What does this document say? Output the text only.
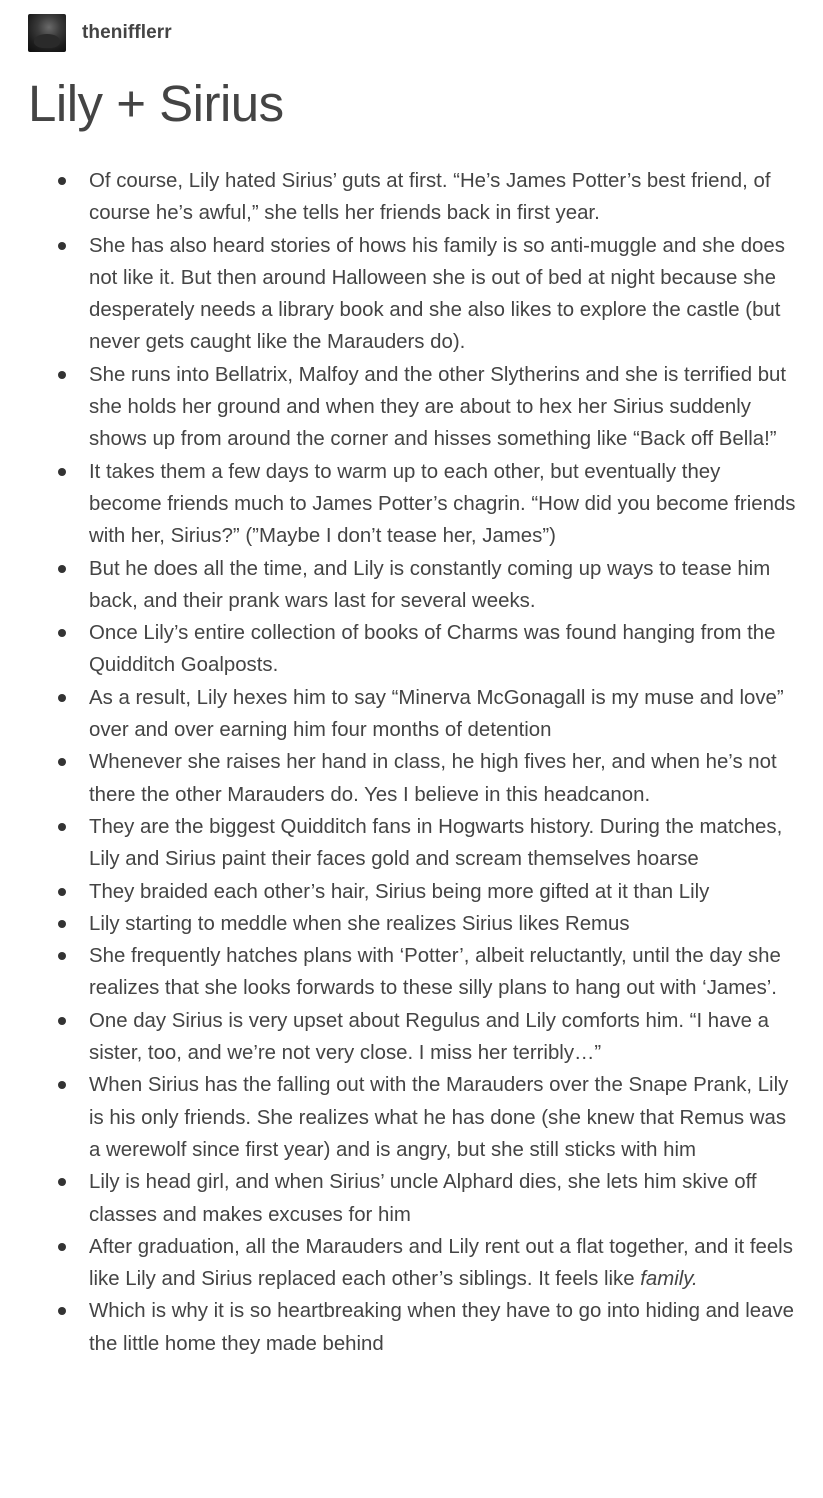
thenifflerr
Lily + Sirius
Of course, Lily hated Sirius’ guts at first. “He’s James Potter’s best friend, of course he’s awful,” she tells her friends back in first year.
She has also heard stories of hows his family is so anti-muggle and she does not like it. But then around Halloween she is out of bed at night because she desperately needs a library book and she also likes to explore the castle (but never gets caught like the Marauders do).
She runs into Bellatrix, Malfoy and the other Slytherins and she is terrified but she holds her ground and when they are about to hex her Sirius suddenly shows up from around the corner and hisses something like “Back off Bella!”
It takes them a few days to warm up to each other, but eventually they become friends much to James Potter’s chagrin. “How did you become friends with her, Sirius?” (”Maybe I don’t tease her, James”)
But he does all the time, and Lily is constantly coming up ways to tease him back, and their prank wars last for several weeks.
Once Lily’s entire collection of books of Charms was found hanging from the Quidditch Goalposts.
As a result, Lily hexes him to say “Minerva McGonagall is my muse and love” over and over earning him four months of detention
Whenever she raises her hand in class, he high fives her, and when he’s not there the other Marauders do. Yes I believe in this headcanon.
They are the biggest Quidditch fans in Hogwarts history. During the matches, Lily and Sirius paint their faces gold and scream themselves hoarse
They braided each other’s hair, Sirius being more gifted at it than Lily
Lily starting to meddle when she realizes Sirius likes Remus
She frequently hatches plans with ‘Potter’, albeit reluctantly, until the day she realizes that she looks forwards to these silly plans to hang out with ‘James’.
One day Sirius is very upset about Regulus and Lily comforts him. “I have a sister, too, and we’re not very close. I miss her terribly…”
When Sirius has the falling out with the Marauders over the Snape Prank, Lily is his only friends. She realizes what he has done (she knew that Remus was a werewolf since first year) and is angry, but she still sticks with him
Lily is head girl, and when Sirius’ uncle Alphard dies, she lets him skive off classes and makes excuses for him
After graduation, all the Marauders and Lily rent out a flat together, and it feels like Lily and Sirius replaced each other’s siblings. It feels like family.
Which is why it is so heartbreaking when they have to go into hiding and leave the little home they made behind
